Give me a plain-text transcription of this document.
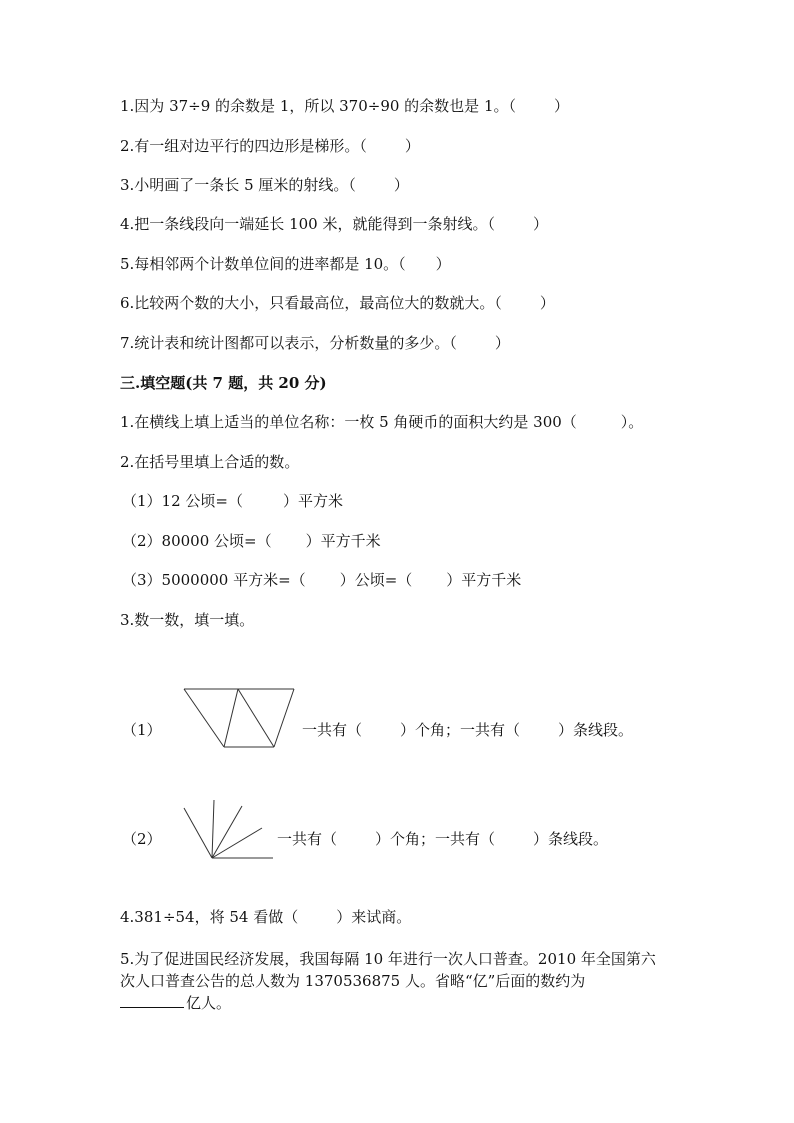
1.因为 37÷9 的余数是 1，所以 370÷90 的余数也是 1。（	）
2.有一组对边平行的四边形是梯形。（	）
3.小明画了一条长 5 厘米的射线。（	）
4.把一条线段向一端延长 100 米，就能得到一条射线。（	）
5.每相邻两个计数单位间的进率都是 10。（ ）
6.比较两个数的大小，只看最高位，最高位大的数就大。（	）
7.统计表和统计图都可以表示，分析数量的多少。（	）
三.填空题(共 7 题，共 20 分)
1.在横线上填上适当的单位名称：一枚 5 角硬币的面积大约是 300（	）。
2.在括号里填上合适的数。
（1）12 公顷=（	）平方米
（2）80000 公顷=（ ）平方千米
（3）5000000 平方米=（ ）公顷=（ ）平方千米
3.数一数，填一填。
（1）	一共有（	）个角；一共有（	）条线段。
（2）	一共有（	）个角；一共有（	）条线段。
4.381÷54，将 54 看做（	）来试商。
5.为了促进国民经济发展，我国每隔 10 年进行一次人口普查。2010 年全国第六次人口普查公告的总人数为 1370536875 人。省略“亿”后面的数约为
亿人。
